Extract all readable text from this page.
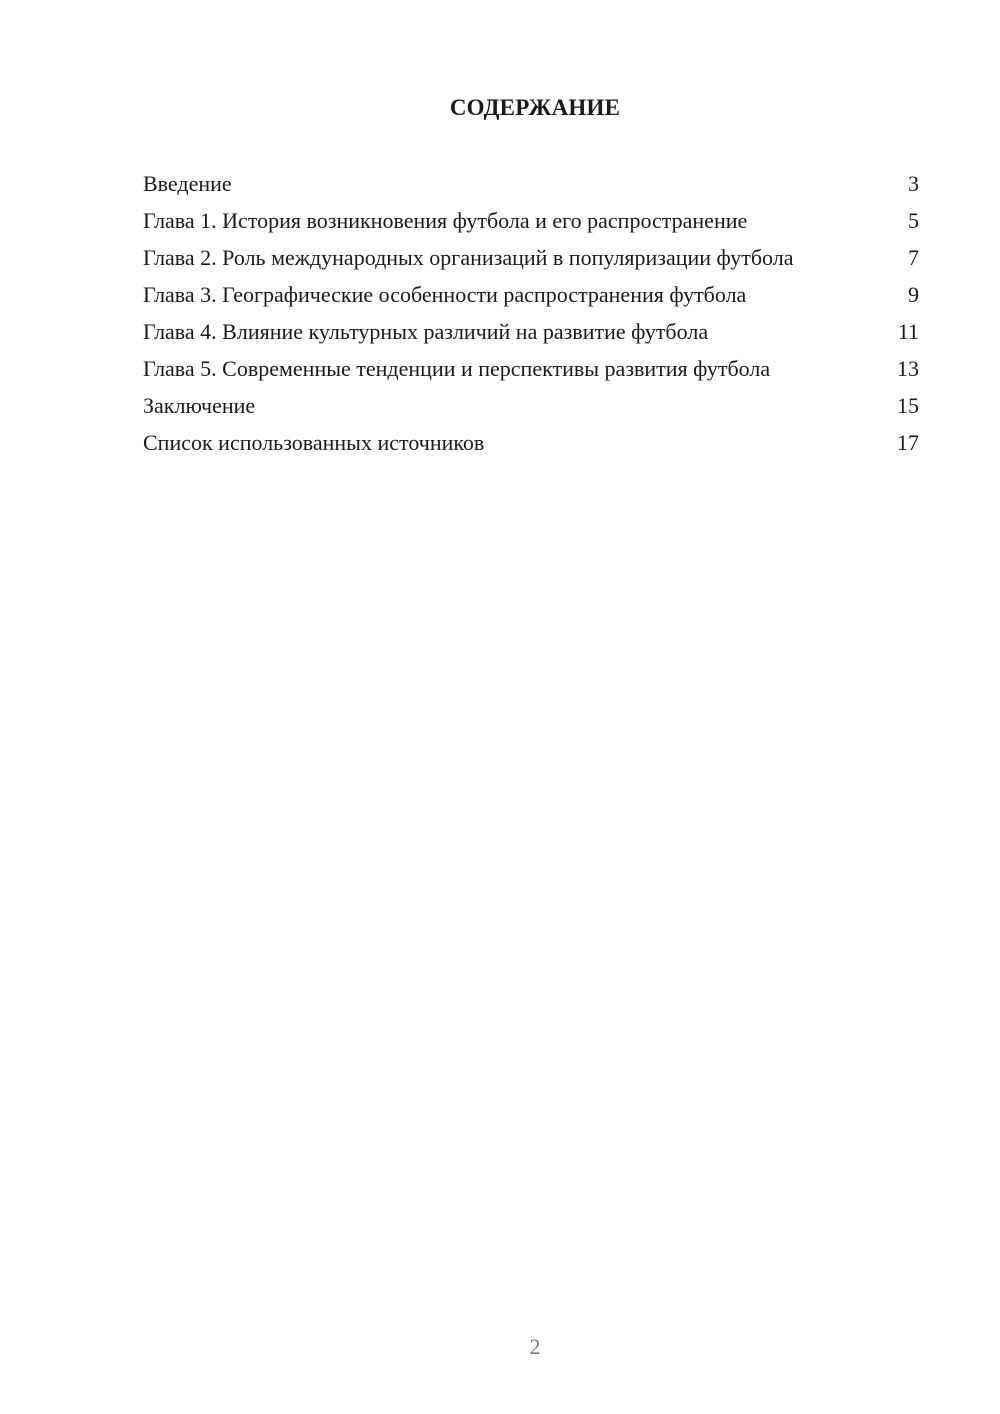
СОДЕРЖАНИЕ
Введение	3
Глава 1. История возникновения футбола и его распространение	5
Глава 2. Роль международных организаций в популяризации футбола	7
Глава 3. Географические особенности распространения футбола	9
Глава 4. Влияние культурных различий на развитие футбола	11
Глава 5. Современные тенденции и перспективы развития футбола	13
Заключение	15
Список использованных источников	17
2
